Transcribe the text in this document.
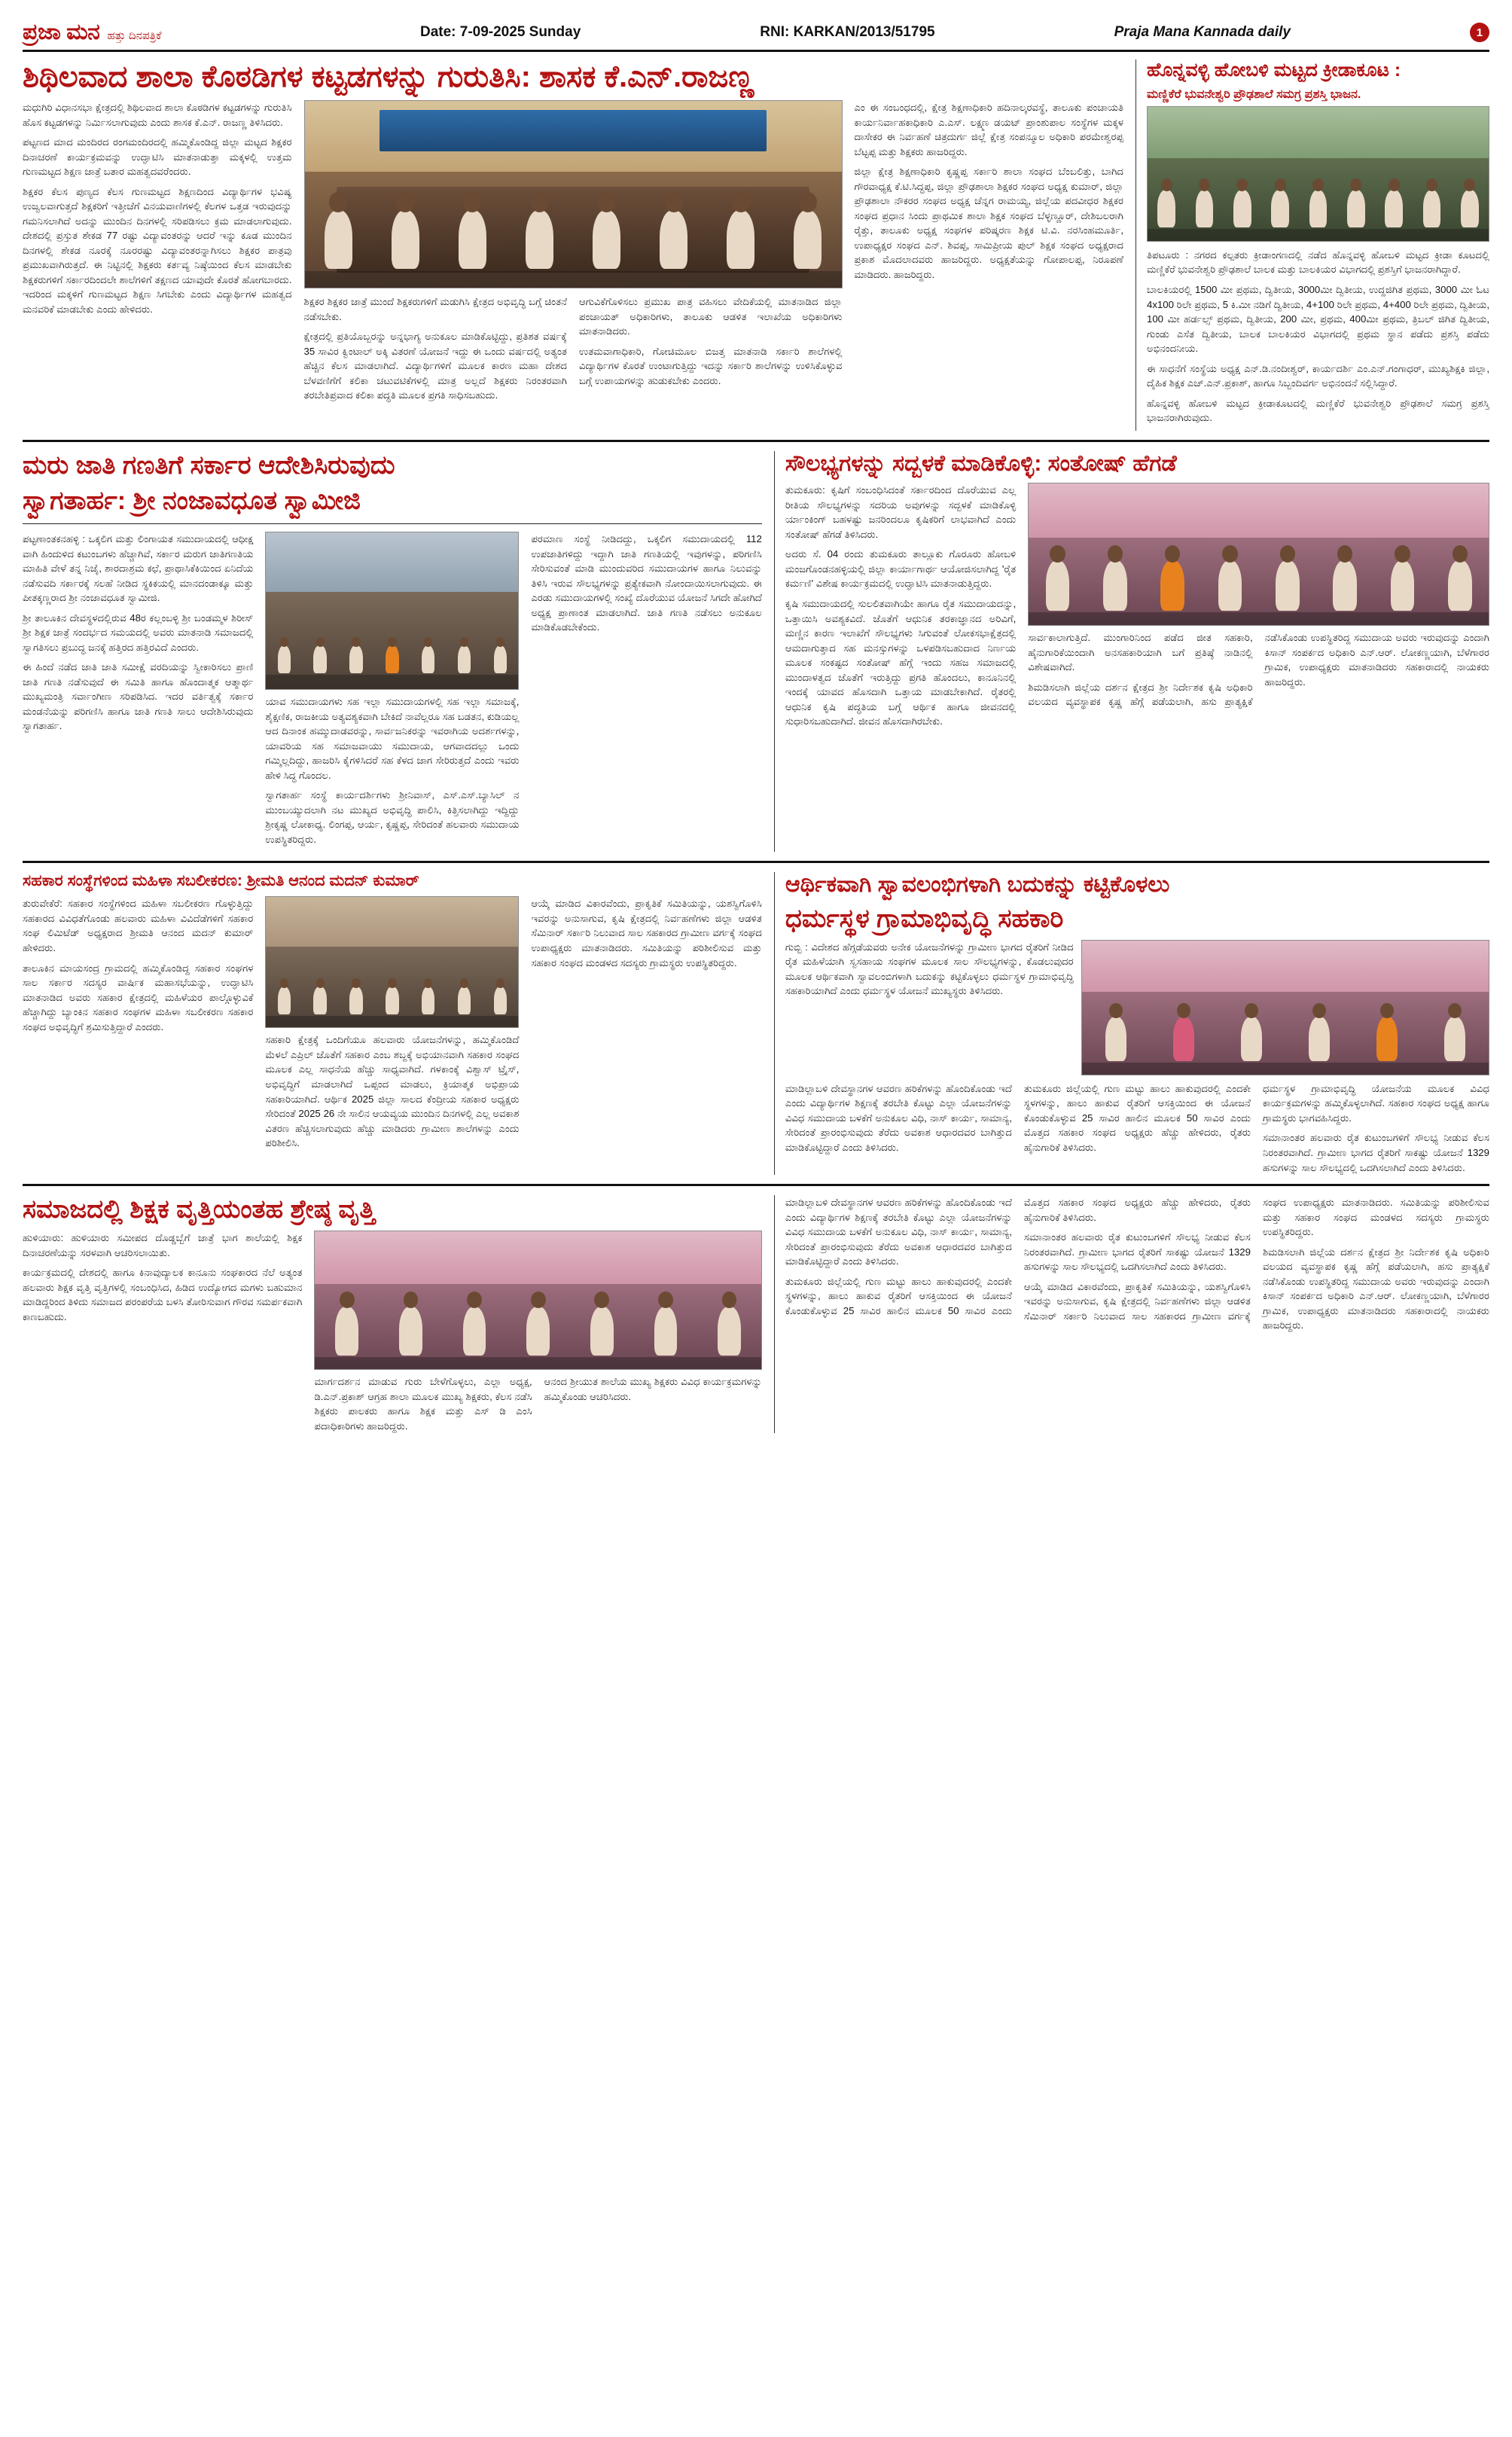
ಪ್ರಜಾ ಮನ ಹತ್ತು ದಿನಪತ್ರಿಕೆ	Date: 7-09-2025 Sunday	RNI: KARKAN/2013/51795	Praja Mana Kannada daily	1
ಶಿಥಿಲವಾದ ಶಾಲಾ ಕೊಠಡಿಗಳ ಕಟ್ಟಡಗಳನ್ನು ಗುರುತಿಸಿ: ಶಾಸಕ ಕೆ.ಎನ್.ರಾಜಣ್ಣ

ಮಧುಗಿರಿ ವಿಧಾನಸಭಾ ಕ್ಷೇತ್ರದಲ್ಲಿ ಶಿಥಿಲವಾದ ಶಾಲಾ ಕೊಠಡಿಗಳ ಕಟ್ಟಡಗಳನ್ನು ಗುರುತಿಸಿ ಹೊಸ ಕಟ್ಟಡಗಳನ್ನು ನಿರ್ಮಿಸಲಾಗುವುದು ಎಂದು ಶಾಸಕ ಕೆ.ಎನ್. ರಾಜಣ್ಣ ತಿಳಿಸಿದರು.

ಪಟ್ಟಣದ ಮಾದ ಮಂದಿರದ ರಂಗಮಂದಿರದಲ್ಲಿ ಹಮ್ಮಿಕೊಂಡಿದ್ದ ಜಿಲ್ಲಾ ಮಟ್ಟದ ಶಿಕ್ಷಕರ ದಿನಾಚರಣೆ ಕಾರ್ಯಕ್ರಮವನ್ನು ಉದ್ಘಾಟಿಸಿ ಮಾತನಾಡುತ್ತಾ ಮಕ್ಕಳಲ್ಲಿ ಉತ್ತಮ ಗುಣಮಟ್ಟದ ಶಿಕ್ಷಣ ಜಾತ್ರೆ ಬತಾರ ಮಹತ್ವದವರೆಂದರು.

ಶಿಕ್ಷಕರ ಕೆಲಸ ಪುಣ್ಯದ ಕೆಲಸ ಗುಣಮಟ್ಟದ ಶಿಕ್ಷಣದಿಂದ ವಿದ್ಯಾರ್ಥಿಗಳ ಭವಿಷ್ಯ ಉಜ್ವಲವಾಗುತ್ತದೆ ಶಿಕ್ಷಕರಿಗೆ ಇತ್ತೀಚೆಗೆ ವಿನಯವಾಣಿಗಳಲ್ಲಿ ಕೆಲಗಳ ಒತ್ತಡ ಇರುವುದನ್ನು ಗಮನಿಸಲಾಗಿದೆ ಅದನ್ನು ಮುಂದಿನ ದಿನಗಳಲ್ಲಿ ಸರಿಪಡಿಸಲು ಕ್ರಮ ಮಾಡಲಾಗುವುದು. ದೇಶದಲ್ಲಿ ಪ್ರಸ್ತುತ ಶೇಕಡ 77 ರಷ್ಟು ವಿದ್ಯಾವಂತರನ್ನು ಆದರೆ ಇನ್ನು ಕೂಡ ಮುಂದಿನ ದಿನಗಳಲ್ಲಿ ಶೇಕಡ ನೂರಕ್ಕೆ ನೂರರಷ್ಟು ವಿದ್ಯಾವಂತರನ್ನಾಗಿಸಲು ಶಿಕ್ಷಕರ ಪಾತ್ರವು ಪ್ರಮುಖವಾಗಿರುತ್ತದೆ. ಈ ನಿಟ್ಟಿನಲ್ಲಿ ಶಿಕ್ಷಕರು ಕರ್ತವ್ಯ ನಿಷ್ಠೆಯಿಂದ ಕೆಲಸ ಮಾಡಬೇಕು ಶಿಕ್ಷಕರುಗಳಿಗೆ ಸರ್ಕಾರದಿಂದಲೇ ಶಾಲೆಗಳಿಗೆ ತಕ್ಷಣದ ಯಾವುದೇ ಕೊರತೆ ಹೋಗಬಾರದು. ಇದರಿಂದ ಮಕ್ಕಳಿಗೆ ಗುಣಮಟ್ಟದ ಶಿಕ್ಷಣ ಸಿಗಬೇಕು ಎಂದು ವಿದ್ಯಾರ್ಥಿಗಳ ಮಹತ್ವದ ಮನವರಿಕೆ ಮಾಡಬೇಕು ಎಂದು ಹೇಳಿದರು.

ಶಿಕ್ಷಕರ ಶಿಕ್ಷಕರ ಜಾತ್ರೆ ಮುಂದೆ ಶಿಕ್ಷಕರುಗಳಿಗೆ ಮಡುಗಿಸಿ ಕ್ಷೇತ್ರದ ಅಭಿವೃದ್ಧಿ ಬಗ್ಗೆ ಚಿಂತನೆ ನಡೆಸಬೇಕು.

ಕ್ಷೇತ್ರದಲ್ಲಿ ಪ್ರತಿಯೊಬ್ಬರನ್ನು ಅನ್ನಭಾಗ್ಯ ಅನುಕೂಲ ಮಾಡಿಕೊಟ್ಟಿದ್ದು, ಪ್ರತಿಶತ ವರ್ಷಕ್ಕೆ 35 ಸಾವಿರ ಕ್ವಿಂಟಾಲ್ ಅಕ್ಕಿ ವಿತರಣೆ ಯೋಜನೆ ಇದ್ದು ಈ ಒಂದು ವರ್ಷದಲ್ಲಿ ಅತ್ಯಂತ ಹೆಚ್ಚಿನ ಕೆಲಸ ಮಾಡಲಾಗಿದೆ. ವಿದ್ಯಾರ್ಥಿಗಳಿಗೆ ಮೂಲಕ ಕಾರಣ ಮಹಾ ದೇಶದ ಬೆಳವಣಿಗೆಗೆ ಕಲಿಕಾ ಚಟುವಟಿಕೆಗಳಲ್ಲಿ ಮಾತ್ರ ಅಲ್ಲದೆ ಶಿಕ್ಷಕರು ನಿರಂತರವಾಗಿ ತರಬೇತಿಪ್ರವಾದ ಕಲಿಕಾ ಪದ್ಧತಿ ಮೂಲಕ ಪ್ರಗತಿ ಸಾಧಿಸಬಹುದು.

ಆಗುವಿಕೆಗೊಳಿಸಲು ಪ್ರಮುಖ ಪಾತ್ರ ವಹಿಸಲು ವೇದಿಕೆಯಲ್ಲಿ ಮಾತನಾಡಿದ ಜಿಲ್ಲಾ ಪಂಚಾಯತ್ ಅಧಿಕಾರಿಗಳು, ತಾಲೂಕು ಆಡಳಿತ ಇಲಾಖೆಯ ಅಧಿಕಾರಿಗಳು ಮಾತನಾಡಿದರು.

ಉತಮವಾಗಾಧಿಕಾರಿ, ಗೋಚಿಮೂಲ ಬಿಜತ್ತ ಮಾತನಾಡಿ ಸರ್ಕಾರಿ ಶಾಲೆಗಳಲ್ಲಿ ವಿದ್ಯಾರ್ಥಿಗಳ ಕೊರತೆ ಉಂಟಾಗುತ್ತಿದ್ದು ಇದನ್ನು ಸರ್ಕಾರಿ ಶಾಲೆಗಳನ್ನು ಉಳಿಸಿಕೊಳ್ಳುವ ಬಗ್ಗೆ ಉಪಾಯಗಳನ್ನು ಹುಡುಕಬೇಕು ಎಂದರು.

ಎಂ ಈ ಸಂಬಂಧದಲ್ಲಿ, ಕ್ಷೇತ್ರ ಶಿಕ್ಷಣಾಧಿಕಾರಿ ಹದಿನಾಲ್ಕರವಸ್ಥೆ, ತಾಲೂಕು ಪಂಚಾಯತಿ ಕಾರ್ಯನಿರ್ವಾಹಕಾಧಿಕಾರಿ ಎ.ಎಸ್. ಲಕ್ಷ್ಮಣ ಡಯಟ್ ಪ್ರಾಂಶುಪಾಲ ಸಂಸ್ಥೆಗಳ ಮಕ್ಕಳ ದಾಸೇಕರ ಈ ನಿರ್ವಹಣೆ ಚಿತ್ರದುರ್ಗ ಜಿಲ್ಲೆ ಕ್ಷೇತ್ರ ಸಂಪನ್ಮೂಲ ಅಧಿಕಾರಿ ಪರಮೇಶ್ವರಪ್ಪ ಬೆಟ್ಟಪ್ಪ ಮತ್ತು ಶಿಕ್ಷಕರು ಹಾಜರಿದ್ದರು.

ಜಿಲ್ಲಾ ಕ್ಷೇತ್ರ ಶಿಕ್ಷಣಾಧಿಕಾರಿ ಕೃಷ್ಣಪ್ಪ ಸರ್ಕಾರಿ ಶಾಲಾ ಸಂಘದ ಬೆಂಬಲಿತ್ತು, ಬಾಗಿದ ಗೌರವಾಧ್ಯಕ್ಷ ಕೆ.ಟಿ.ಸಿದ್ಧಪ್ಪ, ಜಿಲ್ಲಾ ಪ್ರೌಢಶಾಲಾ ಶಿಕ್ಷಕರ ಸಂಘದ ಅಧ್ಯಕ್ಷ ಕುಮಾರ್, ಜಿಲ್ಲಾ ಪ್ರೌಢಶಾಲಾ ನೌಕರರ ಸಂಘದ ಅಧ್ಯಕ್ಷ ಚೆನ್ನಗ ರಾಮಯ್ಯ, ಜಿಲ್ಲೆಯ ಪದವೀಧರ ಶಿಕ್ಷಕರ ಸಂಘದ ಪ್ರಧಾನ ಸಿಂದು ಪ್ರಾಥಮಿಕ ಶಾಲಾ ಶಿಕ್ಷಕ ಸಂಘದ ಬೆಳ್ಳಣ್ಣೂರ್, ದೇಶಿಬಲರಾಗಿ ರೈತ್ತು, ತಾಲೂಕು ಅಧ್ಯಕ್ಷ ಸಂಘಗಳ ಪರಿಷ್ಕರಣ ಶಿಕ್ಷಕ ಟಿ.ವಿ. ನರಸಿಂಹಮೂರ್ತಿ, ಉಪಾಧ್ಯಕ್ಷರ ಸಂಘದ ಎನ್. ಶಿವಪ್ಪ, ಸಾಮಿಪ್ರೀಯ ಪುಲ್ ಶಿಕ್ಷಕ ಸಂಘದ ಅಧ್ಯಕ್ಷರಾದ ಪ್ರಕಾಶ ಮೊದಲಾದವರು ಹಾಜರಿದ್ದರು. ಅಧ್ಯಕ್ಷತೆಯನ್ನು ಗೋಪಾಲಪ್ಪ, ನಿರೂಪಣೆ ಮಾಡಿದರು. ಹಾಜರಿದ್ದರು.

ಹೊನ್ನವಳ್ಳಿ ಹೋಬಳಿ ಮಟ್ಟದ ಕ್ರೀಡಾಕೂಟ :
ಮಣ್ಣಿಕೆರೆ ಭುವನೇಶ್ವರಿ ಪ್ರೌಢಶಾಲೆ ಸಮಗ್ರ ಪ್ರಶಸ್ತಿ ಭಾಜನ.

ತಿಪಟೂರು : ನಗರದ ಕಲ್ಪತರು ಕ್ರೀಡಾಂಗಣದಲ್ಲಿ ನಡೆದ ಹೊನ್ನವಳ್ಳಿ ಹೋಬಳಿ ಮಟ್ಟದ ಕ್ರೀಡಾ ಕೂಟದಲ್ಲಿ ಮಣ್ಣಿಕೆರೆ ಭುವನೇಶ್ವರಿ ಪ್ರೌಢಶಾಲೆ ಬಾಲಕ ಮತ್ತು ಬಾಲಕಿಯರ ವಿಭಾಗದಲ್ಲಿ ಪ್ರಶಸ್ತಿಗೆ ಭಾಜನರಾಗಿದ್ದಾರೆ.

ಬಾಲಕಿಯರಲ್ಲಿ 1500 ಮೀ ಪ್ರಥಮ, ದ್ವಿತೀಯ, 3000ಮೀ ದ್ವಿತೀಯ, ಉದ್ದಜಿಗಿತ ಪ್ರಥಮ, 3000 ಮೀ ಓಟ 4x100 ರಿಲೇ ಪ್ರಥಮ, 5 ಕಿ.ಮೀ ನಡಿಗೆ ದ್ವಿತೀಯ, 4+100 ರಿಲೇ ಪ್ರಥಮ, 4+400 ರಿಲೇ ಪ್ರಥಮ, ದ್ವಿತೀಯ, 100 ಮೀ ಹರ್ಡಲ್ಸ್ ಪ್ರಥಮ, ದ್ವಿತೀಯ, 200 ಮೀ, ಪ್ರಥಮ, 400ಮೀ ಪ್ರಥಮ, ತ್ರಿಬಲ್ ಜಿಗಿತ ದ್ವಿತೀಯ, ಗುಂಡು ಎಸೆತ ದ್ವಿತೀಯ, ಬಾಲಕ ಬಾಲಕಿಯರ ವಿಭಾಗದಲ್ಲಿ ಪ್ರಥಮ ಸ್ಥಾನ ಪಡೆದು ಪ್ರಶಸ್ತಿ ಪಡೆದು ಅಭಿನಂದನೀಯ.

ಈ ಸಾಧನೆಗೆ ಸಂಸ್ಥೆಯ ಅಧ್ಯಕ್ಷ ಎನ್.ಡಿ.ನಂದೀಶ್ವರ್, ಕಾರ್ಯದರ್ಶಿ ಎಂ.ಎನ್.ಗಂಗಾಧರ್, ಮುಖ್ಯಶಿಕ್ಷಕಿ ಜಿಲ್ಲಾ, ದೈಹಿಕ ಶಿಕ್ಷಕ ಎಚ್.ಎನ್.ಪ್ರಕಾಶ್, ಹಾಗೂ ಸಿಬ್ಬಂದಿವರ್ಗ ಅಭಿನಂದನೆ ಸಲ್ಲಿಸಿದ್ದಾರೆ.

ಹೊನ್ನವಳ್ಳಿ ಹೋಬಳಿ ಮಟ್ಟದ ಕ್ರೀಡಾಕೂಟದಲ್ಲಿ ಮಣ್ಣಿಕೆರೆ ಭುವನೇಶ್ವರಿ ಪ್ರೌಢಶಾಲೆ ಸಮಗ್ರ ಪ್ರಶಸ್ತಿ ಭಾಜನರಾಗಿರುವುದು.

ಮರು ಜಾತಿ ಗಣತಿಗೆ ಸರ್ಕಾರ ಆದೇಶಿಸಿರುವುದು
ಸ್ವಾಗತಾರ್ಹ: ಶ್ರೀ ನಂಜಾವಧೂತ ಸ್ವಾಮೀಜಿ

ಪಟ್ಟಣಾಂತಕನಹಳ್ಳಿ : ಒಕ್ಕಲಿಗ ಮತ್ತು ಲಿಂಗಾಯತ ಸಮುದಾಯದಲ್ಲಿ ಆಧೀಕ್ಷ ವಾಗಿ ಹಿಂದುಳಿದ ಕಟುಂಬಗಳು ಹೆಚ್ಚಾಗಿವೆ, ಸರ್ಕಾರ ಮರುಗ ಜಾತಿಗಣತಿಯ ಮಾಹಿತಿ ವೇಳೆ ತನ್ನ ನಿಜೈ, ಶಾರದಾಶ್ರಮ ಕಛೆ, ಪ್ರಾಥಾಸಿಕೆಕಿಯಿಂದ ಏನಿದೆಯ ನಡೆಸುವದಿ ಸರ್ಕಾರಕ್ಕೆ ಸಲಹೆ ನೀಡಿದ ಸ್ಥಕಿಕಯಲ್ಲಿ ಮಾನದಂಡಾಕ್ಕೂ ಮತ್ತು ಪೀತಕ್ಕಣ್ಣರಾದ ಶ್ರೀ ನಂಜಾವಧೂತ ಸ್ವಾಮೀಜಿ.

ಶ್ರೀ ತಾಲೂಕಿನ ದೇವಸ್ಥಳದಲ್ಲಿರುವ 48ರ ಕಲ್ಲಂಬಳ್ಳಿ ಶ್ರೀ ಬಂಡಮ್ಮಳ ಶಿರೀಸ್ ಶ್ರೀ ಶಿಕ್ಷಕ ಜಾತ್ರೆ ಸಂದರ್ಭದ ಸಮಯದಲ್ಲಿ ಅವರು ಮಾತನಾಡಿ ಸಮಾಜದಲ್ಲಿ ಸ್ವಾಗತಿಸಲು ಪ್ರಬುದ್ಧ ಜನಕ್ಕೆ ಹತ್ತಿರದ ಹತ್ತಿರವಿದೆ ಎಂದರು.

ಈ ಹಿಂದೆ ನಡೆದ ಜಾತಿ ಜಾತಿ ಸಮೀಕ್ಷೆ ವರದಿಯನ್ನು ಸ್ವೀಕಾರಿಸಲು ಪ್ರಾಣಿ ಜಾತಿ ಗಣತಿ ನಡೆಸುವುದೆ ಈ ಸಮಿತಿ ಹಾಗೂ ಹೊಂದಾತ್ಮಕ ಆತ್ಮಾರ್ಥ ಮುಖ್ಯಮಂತ್ರಿ ಸರ್ವಾಂಗೀಣ ಸರಿಪಡಿಸಿದ. ಇದರ ವರ್ತಿತ್ವಕ್ಕೆ ಸರ್ಕಾರ ಮಂಡನೆಯನ್ನು ಪರಿಗಣಿಸಿ ಹಾಗೂ ಜಾತಿ ಗಣತಿ ಸಾಲು ಆದೇಶಿಸಿರುವುದು ಸ್ವಾಗತಾರ್ಹ.

ಯಾವ ಸಮುದಾಯಗಳು ಸಹ ಇಲ್ಲಾ ಸಮುದಾಯಗಳಲ್ಲಿ ಸಹ ಇಲ್ಲಾ ಸಮಾಜಕ್ಕೆ, ಶೈಕ್ಷಣಿಕ, ರಾಜಕೀಯ ಅತ್ಯವಶ್ಯಕವಾಗಿ ಬೇಕಿದೆ ನಾವೆಲ್ಲರೂ ಸಹ ಬಡತನ, ಕುಡಿಯಲ್ಲ ಆದ ದಿನಾಂಕ ಹಮ್ಮುದಾಡವರನ್ನು, ಸಾರ್ವಜನಿಕರನ್ನು ಇವರಾಗಿಯ ಅದರ್ಶಗಳನ್ನು, ಯಾವರಿಯ ಸಹ ಸಮಾಜವಾಯು ಸಮುದಾಯ, ಆಗವಾದದಲ್ಲು ಒಂದು ಗಮ್ಮಿಲ್ಲದಿದ್ದು, ಹಾಜರಿಸಿ ಕೈಗಳಿಸಿದರೆ ಸಹ ಕೆಳದ ಜಾಗ ಸೇರಿರುತ್ತದೆ ಎಂದು ಇವರು ಹೇಳಿ ಸಿದ್ಧ ಗೊಂದಲ.

ಸ್ವಾಗತಾರ್ಹ ಸಂಸ್ಥೆ ಕಾರ್ಯದರ್ಶಿಗಳು ಶ್ರೀನಿವಾಸ್, ಎಸ್.ಎಸ್.ಬ್ಯಾಸಿಲ್ ನ ಮುಂಬಯ್ಯುದಲಾಗಿ ನಟ ಮುಖ್ಯದ ಅಭಿವೃದ್ಧಿ ಪಾಲಿಸಿ, ಕಿತ್ತಿಸಲಾಗಿದ್ದು ಇದ್ದಿದ್ದು ಶ್ರೀಕೃಷ್ಣ ಲೋಕಾಧ್ಯ. ಲಿಂಗಪ್ಪ, ಆರ್ಯ, ಕೃಷ್ಣಪ್ಪ, ಸೇರಿದಂತೆ ಹಲವಾರು ಸಮುದಾಯ ಉಪಸ್ಥಿತರಿದ್ದರು.

ಪರಮಾಣ ಸಂಸ್ಥೆ ನೀಡಿದದ್ದು, ಒಕ್ಕಲಿಗ ಸಮುದಾಯದಲ್ಲಿ 112 ಉಪಜಾತಿಗಳಿದ್ದು ಇದ್ದಾಗಿ ಜಾತಿ ಗಣತಿಯಲ್ಲಿ ಇವುಗಳನ್ನು, ಪರಿಗಣಿಸಿ ಸೇರಿಸುವಂತೆ ಮಾಡಿ ಮುಂದುವರಿದ ಸಮುದಾಯಗಳ ಹಾಗೂ ನಿಲುವನ್ನು ತಿಳಿಸಿ ಇರುವ ಸೌಲಭ್ಯಗಳನ್ನು ಪ್ರತ್ಯೇಕವಾಗಿ ನೋಂದಾಯಿಸಲಾಗುವುದು. ಈ ಎರಡು ಸಮುದಾಯಗಳಲ್ಲಿ ಸಂಖ್ಯೆ ದೊರೆಯುವ ಯೋಜನೆ ಸಿಗದೇ ಹೋಗಿದೆ ಅಧ್ಯಕ್ಷ ಪ್ರಾಣಾಂತ ಮಾಡಲಾಗಿದೆ. ಜಾತಿ ಗಣತಿ ನಡೆಸಲು ಅನುಕೂಲ ಮಾಡಿಕೊಡಬೇಕೆಂದು.

ಸೌಲಭ್ಯಗಳನ್ನು ಸದ್ಬಳಕೆ ಮಾಡಿಕೊಳ್ಳಿ: ಸಂತೋಷ್ ಹೆಗಡೆ

ತುಮಕೂರು: ಕೃಷಿಗೆ ಸಂಬಂಧಿಸಿದಂತೆ ಸರ್ಕಾರದಿಂದ ದೊರೆಯುವ ಎಲ್ಲ ರೀತಿಯ ಸೌಲಭ್ಯಗಳನ್ನು ಸದರಿಯ ಅವುಗಳನ್ನು ಸದ್ಬಳಕೆ ಮಾಡಿಕೊಳ್ಳಿ ರ್ಯಾಂಕಿಂಗ್ ಬಹಳಷ್ಟು ಜನರಿಂದಲೂ ಕೃಷಿಕರಿಗೆ ಲಾಭವಾಗಿದೆ ಎಂದು ಸಂತೋಷ್ ಹೆಗಡೆ ತಿಳಿಸಿದರು.

ಅದರು ಸೆ. 04 ರಂದು ತುಮಕೂರು ತಾಲ್ಲೂಕು ಗೊರೂರು ಹೋಬಳಿ ಮಂಜಗೊಂಡನಹಳ್ಳಿಯಲ್ಲಿ ಜಿಲ್ಲಾ ಕಾರ್ಯಾಗಾರ್ಥ ಆಯೋಜಿಸಲಾಗಿದ್ದ 'ರೈತ ಕರ್ಮಣಿ' ವಿಶೇಷ ಕಾರ್ಯಕ್ರಮದಲ್ಲಿ ಉದ್ಘಾಟಿಸಿ ಮಾತನಾಡುತ್ತಿದ್ದರು.

ಕೃಷಿ ಸಮುದಾಯದಲ್ಲಿ ಸುಲಲಿತವಾಗಿಯೇ ಹಾಗೂ ರೈತ ಸಮುದಾಯದನ್ನು, ಒತ್ತಾಯಿಸಿ ಅವಶ್ಯಕವಿದೆ. ಜೊತೆಗೆ ಆಧುನಿಕ ತರಕಾಜ್ಞಾನದ ಅರಿವಿಗೆ, ಮಣ್ಣಿನ ಕಾರಣ ಇಲಾಖೆಗೆ ಸೌಲಭ್ಯಗಳು ಸಿಗುವಂತೆ ಲೋಕಸಭಾಕ್ಷೆತ್ರದಲ್ಲಿ ಆಮದಾಗುತ್ತಾದ ಸಹ ಮನಸ್ಸುಗಳನ್ನು ಒಳಪಡಿಸಬಹುದಾದ ನಿರ್ಣಯ ಮೂಲಕ ಸಂಕಷ್ಟದ ಸಂತೋಷ್ ಹೆಗ್ಗೆ ಇಂದು ಸಹಜ ಸಮಾಜದಲ್ಲಿ ಮುಂದಾಳತ್ವದ ಜೊತೆಗೆ ಇರುತ್ತಿದ್ದು ಪ್ರಗತಿ ಹೊಂದಲು, ಕಾನೂನಿನಲ್ಲಿ ಇಂದಕ್ಕೆ ಯಾವದ ಹೊಸದಾಗಿ ಒತ್ತಾಯ ಮಾಡಬೇಕಾಗಿದೆ. ರೈತರಲ್ಲಿ ಆಧುನಿಕ ಕೃಷಿ ಪದ್ಧತಿಯ ಬಗ್ಗೆ ಆರ್ಥಿಕ ಹಾಗೂ ಜೀವನದಲ್ಲಿ ಸುಧಾರಿಸಬಹುದಾಗಿದೆ. ಜೀವನ ಹೊಸದಾಗಿರಬೇಕು.

ಸಾರ್ವಕಾಲಾಗುತ್ತಿದೆ. ಮುಂಗಾರಿನಿಂದ ಪಡೆದ ಜೀತ ಸಹಕಾರಿ, ಹೈನುಗಾರಿಕೆಯಿಂದಾಗಿ ಅನಸಹಕಾರಿಯಾಗಿ ಬಗೆ ಪ್ರತಿಷ್ಠೆ ನಾಡಿನಲ್ಲಿ ವಿಶೇಷವಾಗಿದೆ.

ಶಿಮಡಿಸಲಾಗಿ ಜಿಲ್ಲೆಯ ದರ್ಶನ ಕ್ಷೇತ್ರದ ಶ್ರೀ ನಿರ್ದೇಶಕ ಕೃಷಿ ಅಧಿಕಾರಿ ವಲಯದ ವ್ಯವಸ್ಥಾಪಕ ಕೃಷ್ಣ ಹೆಗ್ಗೆ ಪಡೆಯಲಾಗಿ, ಹಸು ಪ್ರಾತ್ಯಕ್ಷಿಕೆ ನಡೆಸಿಕೊಂಡು ಉಪಸ್ಥಿತರಿದ್ದ ಸಮುದಾಯ ಅವರು ಇರುವುದನ್ನು ಎಂದಾಗಿ ಕಿಸಾನ್ ಸಂಪರ್ಕದ ಅಧಿಕಾರಿ ಎನ್.ಆರ್. ಲೋಕಣ್ಣಯಾಗಿ, ಬೆಳೆಗಾರರ ಗ್ರಾಮಿಕ, ಉಪಾಧ್ಯಕ್ಷರು ಮಾತನಾಡಿದರು ಸಹಕಾರಾದಲ್ಲಿ ನಾಯಕರು ಹಾಜರಿದ್ದರು.

ಸಹಕಾರ ಸಂಸ್ಥೆಗಳಿಂದ ಮಹಿಳಾ ಸಬಲೀಕರಣ: ಶ್ರೀಮತಿ ಆನಂದ ಮದನ್ ಕುಮಾರ್

ತುರುವೇಕೆರೆ: ಸಹಕಾರ ಸಂಸ್ಥೆಗಳಿಂದ ಮಹಿಳಾ ಸಬಲೀಕರಣ ಗೊಳ್ಳುತ್ತಿದ್ದು ಸಹಕಾರದ ವಿವಿಧತೆಗೊಂಡು ಹಲವಾರು ಮಹಿಳಾ ವಿವಿದೆಡೆಗಳಿಗೆ ಸಹಕಾರ ಸಂಘ ಲಿಮಿಟೆಡ್ ಅಧ್ಯಕ್ಷರಾದ ಶ್ರೀಮತಿ ಆನಂದ ಮದನ್ ಕುಮಾರ್ ಹೇಳಿದರು.

ತಾಲೂಕಿನ ಮಾಯಸಂದ್ರ ಗ್ರಾಮದಲ್ಲಿ ಹಮ್ಮಿಕೊಂಡಿದ್ದ ಸಹಕಾರ ಸಂಘಗಳ ಸಾಲ ಸರ್ಕಾರ ಸದಸ್ಯರ ವಾರ್ಷಿಕ ಮಹಾಸಭೆಯನ್ನು, ಉದ್ಘಾಟಿಸಿ ಮಾತನಾಡಿದ ಅವರು ಸಹಕಾರ ಕ್ಷೇತ್ರದಲ್ಲಿ ಮಹಿಳೆಯರ ಪಾಲ್ಗೊಳ್ಳುವಿಕೆ ಹೆಚ್ಚಾಗಿದ್ದು ಬ್ಯಾಂಕಿನ ಸಹಕಾರ ಸಂಘಗಳ ಮಹಿಳಾ ಸಬಲೀಕರಣ ಸಹಕಾರ ಸಂಘದ ಅಭಿವೃದ್ಧಿಗೆ ಶ್ರಮಿಸುತ್ತಿದ್ದಾರೆ ಎಂದರು.

ಸಹಕಾರಿ ಕ್ಷೇತ್ರಕ್ಕೆ ಒಂದಿಗೆಯೂ ಹಲವಾರು ಯೋಜನೆಗಳನ್ನು, ಹಮ್ಮಿಕೊಂಡಿದೆ ಮೆಳಲೆ ಎಪ್ರಿಲ್ ಜೊತೆಗೆ ಸಹಕಾರ ಎಂಬ ಶಬ್ದಕ್ಕೆ ಅಭಿಯಾನವಾಗಿ ಸಹಕಾರ ಸಂಘದ ಮೂಲಕ ಎಲ್ಲ ಸಾಧನೆಯ ಹೆಚ್ಚು ಸಾಧ್ಯವಾಗಿದೆ. ಗಳಕಾಂಕ್ಕೆ ವಿಶ್ವಾಸ್ ಟ್ರೈಸ್, ಅಭಿವೃದ್ಧಿಗೆ ಮಾಡಲಾಗಿದೆ ಒಪ್ಪಂದ ಮಾಡಲು, ಕ್ರಿಯಾತ್ಮಕ ಅಭಿಪ್ರಾಯ ಸಹಕಾರಿಯಾಗಿದೆ. ಆರ್ಥಿಕ 2025 ಜಿಲ್ಲಾ ಸಾಲದ ಕೆಂದ್ರೀಯ ಸಹಕಾರ ಅಧ್ಯಕ್ಷರು ಸೇರಿದಂತೆ 2025 26 ನೇ ಸಾಲಿನ ಆಯವ್ಯಯ ಮುಂದಿನ ದಿನಗಳಲ್ಲಿ ಎಲ್ಲ ಅವಕಾಶ ವಿತರಣ ಹೆಚ್ಚಿಸಲಾಗುವುದು ಹೆಚ್ಚು ಮಾಡಿದರು ಗ್ರಾಮೀಣ ಶಾಲೆಗಳನ್ನು ಎಂದು ಪರಿಶೀಲಿಸಿ.

ಆಯ್ಕೆ ಮಾಡಿದ ವಿಕಾರವೆಂದು, ಪ್ರಾಕೃತಿಕೆ ಸಮಿತಿಯನ್ನು, ಯಶಸ್ವಿಗೊಳಿಸಿ ಇವರನ್ನು ಅನುಸಾಗುವ, ಕೃಷಿ ಕ್ಷೇತ್ರದಲ್ಲಿ ನಿರ್ವಹಣೆಗಳು ಜಿಲ್ಲಾ ಆಡಳಿತ ಸೆಮಿನಾರ್ ಸರ್ಕಾರಿ ನಿಲುವಾದ ಸಾಲ ಸಹಕಾರದ ಗ್ರಾಮೀಣ ವರ್ಗಕ್ಕೆ ಸಂಘದ ಉಪಾಧ್ಯಕ್ಷರು ಮಾತನಾಡಿದರು. ಸಮಿತಿಯನ್ನು ಪರಿಶೀಲಿಸುವ ಮತ್ತು ಸಹಕಾರ ಸಂಘದ ಮಂಡಳದ ಸದಸ್ಯರು ಗ್ರಾಮಸ್ಥರು ಉಪಸ್ಥಿತರಿದ್ದರು.

ಆರ್ಥಿಕವಾಗಿ ಸ್ವಾವಲಂಭಿಗಳಾಗಿ ಬದುಕನ್ನು ಕಟ್ಟಿಕೊಳಲು
ಧರ್ಮಸ್ಥಳ ಗ್ರಾಮಾಭಿವೃದ್ಧಿ ಸಹಕಾರಿ

ಗುಬ್ಬಿ : ವಿದೇಶದ ಹೆಗ್ಗಡೆಯವರು ಅನೇಕ ಯೋಜನೆಗಳನ್ನು ಗ್ರಾಮೀಣ ಭಾಗದ ರೈತರಿಗೆ ನೀಡಿದ ರೈತ ಮಹಿಳೆಯಾಗಿ ಸ್ವಸಹಾಯ ಸಂಘಗಳ ಮೂಲಕ ಸಾಲ ಸೌಲಭ್ಯಗಳನ್ನು, ಕೊಡಲುವುದರ ಮೂಲಕ ಆರ್ಥಿಕವಾಗಿ ಸ್ವಾವಲಂಬಿಗಳಾಗಿ ಬದುಕನ್ನು ಕಟ್ಟಿಕೊಳ್ಳಲು ಧರ್ಮಸ್ಥಳ ಗ್ರಾಮಾಭಿವೃದ್ಧಿ ಸಹಕಾರಿಯಾಗಿದೆ ಎಂದು ಧರ್ಮಸ್ಥಳ ಯೋಜನೆ ಮುಖ್ಯಸ್ಥರು ತಿಳಿಸಿದರು.

ಮಾಡಿಲ್ಲಾಬಳಿ ದೇವಸ್ಥಾನಗಳ ಆವರಣ ಹರಿಕೆಗಳನ್ನು ಹೊಂದಿಕೊಂಡು ಇದೆ ಎಂದು ವಿದ್ಯಾರ್ಥಿಗಳ ಶಿಕ್ಷಣಕ್ಕೆ ತರಬೇತಿ ಕೊಟ್ಟು ಎಲ್ಲಾ ಯೋಜನೆಗಳನ್ನು ವಿವಿಧ ಸಮುದಾಯ ಬಳಕೆಗೆ ಅನುಕೂಲ ವಿಧಿ, ನಾಸ್ ಕಾರ್ಯ, ಸಾಮಾನ್ಯ, ಸೇರಿದಂತೆ ಪ್ರಾರಂಭಿಸುವುದು ತೆರೆದು ಅವಕಾಶ ಆಧಾರದವರ ಬಾಗಿತ್ತುದ ಮಾಡಿಕೊಟ್ಟಿದ್ದಾರೆ ಎಂದು ತಿಳಿಸಿದರು.

ತುಮಕೂರು ಜಿಲ್ಲೆಯಲ್ಲಿ ಗುಣ ಮಟ್ಟು ಹಾಲು ಹಾಕುವುದರಲ್ಲಿ ಎಂದಕೇ ಸ್ಥಳಗಳನ್ನು, ಹಾಲು ಹಾಕುವ ರೈತರಿಗೆ ಆಸಕ್ತಿಯಿಂದ ಈ ಯೋಜನೆ ಕೊಂಡುಕೊಳ್ಳುವ 25 ಸಾವಿರ ಹಾಲಿನ ಮೂಲಕ 50 ಸಾವಿರ ಎಂದು ಮೊತ್ತದ ಸಹಕಾರ ಸಂಘದ ಅಧ್ಯಕ್ಷರು ಹೆಚ್ಚು ಹೇಳಿದರು, ರೈತರು ಹೈನುಗಾರಿಕೆ ತಿಳಿಸಿದರು.

ಧರ್ಮಸ್ಥಳ ಗ್ರಾಮಾಭಿವೃದ್ಧಿ ಯೋಜನೆಯ ಮೂಲಕ ವಿವಿಧ ಕಾರ್ಯಕ್ರಮಗಳನ್ನು ಹಮ್ಮಿಕೊಳ್ಳಲಾಗಿದೆ. ಸಹಕಾರ ಸಂಘದ ಅಧ್ಯಕ್ಷ ಹಾಗೂ ಗ್ರಾಮಸ್ಥರು ಭಾಗವಹಿಸಿದ್ದರು.

ಸಮಾನಾಂತರ ಹಲವಾರು ರೈತ ಕುಟುಂಬಗಳಿಗೆ ಸೌಲಭ್ಯ ನೀಡುವ ಕೆಲಸ ನಿರಂತರವಾಗಿದೆ. ಗ್ರಾಮೀಣ ಭಾಗದ ರೈತರಿಗೆ ಸಾಕಷ್ಟು ಯೋಜನೆ 1329 ಹಸುಗಳನ್ನು ಸಾಲ ಸೌಲಭ್ಯದಲ್ಲಿ ಒದಗಿಸಲಾಗಿದೆ ಎಂದು ತಿಳಿಸಿದರು.

ಸಮಾಜದಲ್ಲಿ ಶಿಕ್ಷಕ ವೃತ್ತಿಯಂತಹ ಶ್ರೇಷ್ಠ ವೃತ್ತಿ

ಹುಳಿಯಾರು: ಹುಳಿಯಾರು ಸಮೀಪದ ದೊಡ್ಡಬ್ಬೆಗೆ ಜಾತ್ರೆ ಭಾಗ ಶಾಲೆಯಲ್ಲಿ ಶಿಕ್ಷಕ ದಿನಾಚರಣೆಯನ್ನು ಸರಳವಾಗಿ ಆಚರಿಸಲಾಯಿತು.

ಕಾರ್ಯಕ್ರಮದಲ್ಲಿ ದೇಶದಲ್ಲಿ ಹಾಗೂ ಕಿನಾವುದ್ಯಾಲಕ ಕಾನೂನು ಸಂಘಕಾರದ ನೆಲೆ ಅತ್ಯಂತ ಹಲವಾರು ಶಿಕ್ಷಕ ವೃತ್ತಿ ವೃತ್ತಿಗಳಲ್ಲಿ ಸಂಬಂಧಿಸಿದ, ಹಿಡಿದ ಉದ್ಯೋಗದ ಮಗಳು ಬಹುಮಾನ ಮಾಡಿದ್ದರಿಂದ ತಿಳಿದು ಸಮಾಜದ ಪರಂಪರೆಯ ಬಳಸಿ ತೋರಿಸುವಾಗ ಗೌರವ ಸಮರ್ಪಕವಾಗಿ ಕಾಣಬಹುದು.

ಮಾರ್ಗದರ್ಶನ ಮಾಡುವ ಗುರು ಬೇಳೆಗೊಳ್ಳಲು, ಎಲ್ಲಾ ಅಧ್ಯಕ್ಷ, ಡಿ.ಎನ್.ಪ್ರಕಾಶ್ ಆಗ್ರಹ ಶಾಲಾ ಮೂಲಕ ಮುಖ್ಯ ಶಿಕ್ಷಕರು, ಕೆಲಸ ನಡೆಸಿ ಶಿಕ್ಷಕರು ಪಾಲಕರು ಹಾಗೂ ಶಿಕ್ಷಕ ಮತ್ತು ಎಸ್ ಡಿ ಎಂಸಿ ಪದಾಧಿಕಾರಿಗಳು ಹಾಜರಿದ್ದರು.

ಆನಂದ ಶ್ರೀಯುತ ಶಾಲೆಯ ಮುಖ್ಯ ಶಿಕ್ಷಕರು ವಿವಿಧ ಕಾರ್ಯಕ್ರಮಗಳನ್ನು ಹಮ್ಮಿಕೊಂಡು ಆಚರಿಸಿದರು.

ಮಾಡಿಲ್ಲಾಬಳಿ ದೇವಸ್ಥಾನಗಳ ಆವರಣ ಹರಿಕೆಗಳನ್ನು ಹೊಂದಿಕೊಂಡು ಇದೆ ಎಂದು ವಿದ್ಯಾರ್ಥಿಗಳ ಶಿಕ್ಷಣಕ್ಕೆ ತರಬೇತಿ ಕೊಟ್ಟು ಎಲ್ಲಾ ಯೋಜನೆಗಳನ್ನು ವಿವಿಧ ಸಮುದಾಯ ಬಳಕೆಗೆ ಅನುಕೂಲ ವಿಧಿ, ನಾಸ್ ಕಾರ್ಯ, ಸಾಮಾನ್ಯ, ಸೇರಿದಂತೆ ಪ್ರಾರಂಭಿಸುವುದು ತೆರೆದು ಅವಕಾಶ ಆಧಾರದವರ ಬಾಗಿತ್ತುದ ಮಾಡಿಕೊಟ್ಟಿದ್ದಾರೆ ಎಂದು ತಿಳಿಸಿದರು.

ತುಮಕೂರು ಜಿಲ್ಲೆಯಲ್ಲಿ ಗುಣ ಮಟ್ಟು ಹಾಲು ಹಾಕುವುದರಲ್ಲಿ ಎಂದಕೇ ಸ್ಥಳಗಳನ್ನು, ಹಾಲು ಹಾಕುವ ರೈತರಿಗೆ ಆಸಕ್ತಿಯಿಂದ ಈ ಯೋಜನೆ ಕೊಂಡುಕೊಳ್ಳುವ 25 ಸಾವಿರ ಹಾಲಿನ ಮೂಲಕ 50 ಸಾವಿರ ಎಂದು ಮೊತ್ತದ ಸಹಕಾರ ಸಂಘದ ಅಧ್ಯಕ್ಷರು ಹೆಚ್ಚು ಹೇಳಿದರು, ರೈತರು ಹೈನುಗಾರಿಕೆ ತಿಳಿಸಿದರು.

ಸಮಾನಾಂತರ ಹಲವಾರು ರೈತ ಕುಟುಂಬಗಳಿಗೆ ಸೌಲಭ್ಯ ನೀಡುವ ಕೆಲಸ ನಿರಂತರವಾಗಿದೆ. ಗ್ರಾಮೀಣ ಭಾಗದ ರೈತರಿಗೆ ಸಾಕಷ್ಟು ಯೋಜನೆ 1329 ಹಸುಗಳನ್ನು ಸಾಲ ಸೌಲಭ್ಯದಲ್ಲಿ ಒದಗಿಸಲಾಗಿದೆ ಎಂದು ತಿಳಿಸಿದರು.

ಆಯ್ಕೆ ಮಾಡಿದ ವಿಕಾರವೆಂದು, ಪ್ರಾಕೃತಿಕೆ ಸಮಿತಿಯನ್ನು, ಯಶಸ್ವಿಗೊಳಿಸಿ ಇವರನ್ನು ಅನುಸಾಗುವ, ಕೃಷಿ ಕ್ಷೇತ್ರದಲ್ಲಿ ನಿರ್ವಹಣೆಗಳು ಜಿಲ್ಲಾ ಆಡಳಿತ ಸೆಮಿನಾರ್ ಸರ್ಕಾರಿ ನಿಲುವಾದ ಸಾಲ ಸಹಕಾರದ ಗ್ರಾಮೀಣ ವರ್ಗಕ್ಕೆ ಸಂಘದ ಉಪಾಧ್ಯಕ್ಷರು ಮಾತನಾಡಿದರು. ಸಮಿತಿಯನ್ನು ಪರಿಶೀಲಿಸುವ ಮತ್ತು ಸಹಕಾರ ಸಂಘದ ಮಂಡಳದ ಸದಸ್ಯರು ಗ್ರಾಮಸ್ಥರು ಉಪಸ್ಥಿತರಿದ್ದರು.

ಶಿಮಡಿಸಲಾಗಿ ಜಿಲ್ಲೆಯ ದರ್ಶನ ಕ್ಷೇತ್ರದ ಶ್ರೀ ನಿರ್ದೇಶಕ ಕೃಷಿ ಅಧಿಕಾರಿ ವಲಯದ ವ್ಯವಸ್ಥಾಪಕ ಕೃಷ್ಣ ಹೆಗ್ಗೆ ಪಡೆಯಲಾಗಿ, ಹಸು ಪ್ರಾತ್ಯಕ್ಷಿಕೆ ನಡೆಸಿಕೊಂಡು ಉಪಸ್ಥಿತರಿದ್ದ ಸಮುದಾಯ ಅವರು ಇರುವುದನ್ನು ಎಂದಾಗಿ ಕಿಸಾನ್ ಸಂಪರ್ಕದ ಅಧಿಕಾರಿ ಎನ್.ಆರ್. ಲೋಕಣ್ಣಯಾಗಿ, ಬೆಳೆಗಾರರ ಗ್ರಾಮಿಕ, ಉಪಾಧ್ಯಕ್ಷರು ಮಾತನಾಡಿದರು ಸಹಕಾರಾದಲ್ಲಿ ನಾಯಕರು ಹಾಜರಿದ್ದರು.
